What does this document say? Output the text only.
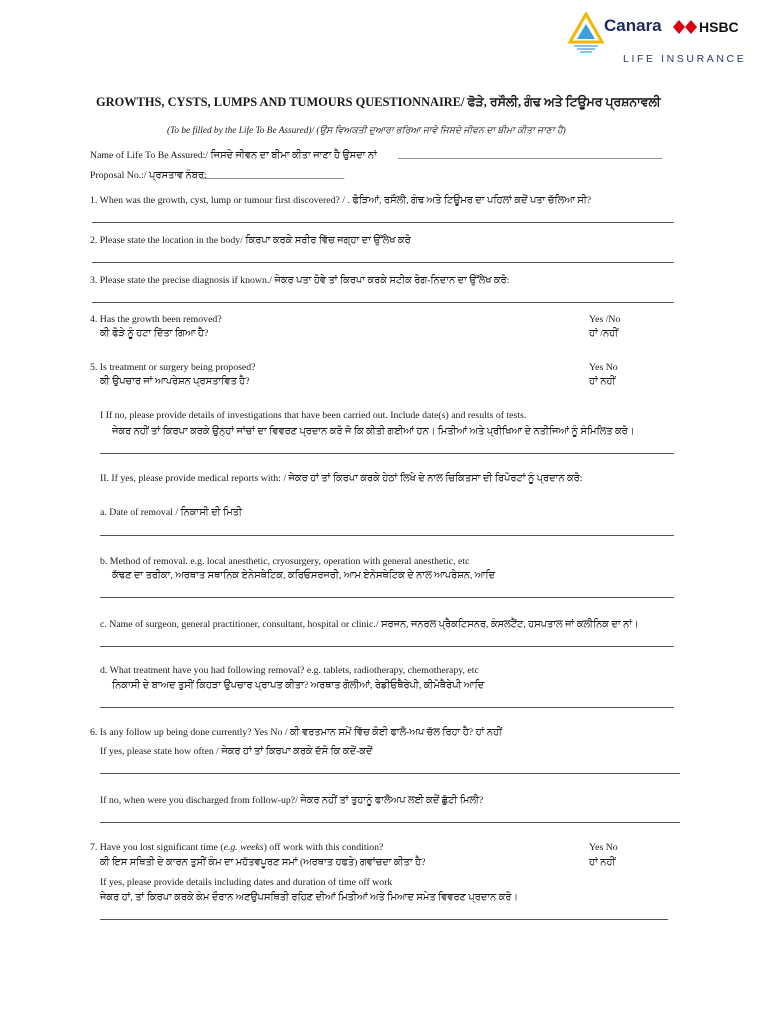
Canara	HSBC
LIFE INSURANCE
GROWTHS, CYSTS, LUMPS AND TUMOURS QUESTIONNAIRE/ ਫੋੜੇ, ਰਸੌਲੀ, ਗੰਢ ਅਤੇ ਟਿਊਮਰ ਪ੍ਰਸ਼ਨਾਵਲੀ
(To be filled by the Life To Be Assured)/ (ਉਸ ਵਿਅਕਤੀ ਦੁਆਰਾ ਭਰਿਆ ਜਾਵੇ ਜਿਸਦੇ ਜੀਵਨ ਦਾ ਬੀਮਾ ਕੀਤਾ ਜਾਣਾ ਹੈ)
Name of Life To Be Assured:/ ਜਿਸਦੇ ਜੀਵਨ ਦਾ ਬੀਮਾ ਕੀਤਾ ਜਾਣਾ ਹੈ ਉਸਦਾ ਨਾਂ ____________________________________________________________
Proposal No.:/ ਪ੍ਰਸਤਾਵ ਨੰਬਰ:
________________________________
1. When was the growth, cyst, lump or tumour first discovered? / . ਫੋੜਿਆਂ, ਰਸੌਲੀ, ਗੰਢ ਅਤੇ ਟਿਊਮਰ ਦਾ ਪਹਿਲਾਂ ਕਦੋਂ ਪਤਾ ਚੱਲਿਆ ਸੀ?
2. Please state the location in the body/ ਕਿਰਪਾ ਕਰਕੇ ਸਰੀਰ ਵਿੱਚ ਜਗ੍ਹਾ ਦਾ ਉੱਲੇਖ ਕਰੋ
3. Please state the precise diagnosis if known./ ਜੇਕਰ ਪਤਾ ਹੋਵੇ ਤਾਂ ਕਿਰਪਾ ਕਰਕੇ ਸਟੀਕ ਰੋਗ-ਨਿਦਾਨ ਦਾ ਉੱਲੇਖ ਕਰੋ:
4. Has the growth been removed?
ਕੀ ਫੋੜੇ ਨੂੰ ਹਟਾ ਦਿੱਤਾ ਗਿਆ ਹੈ?
Yes /No
ਹਾਂ /ਨਹੀਂ
5. Is treatment or surgery being proposed?
ਕੀ ਉਪਚਾਰ ਜਾਂ ਆਪਰੇਸ਼ਨ ਪ੍ਰਸਤਾਵਿਤ ਹੈ?
Yes No
ਹਾਂ ਨਹੀਂ
I If no, please provide details of investigations that have been carried out. Include date(s) and results of tests.
ਜੇਕਰ ਨਹੀਂ ਤਾਂ ਕਿਰਪਾ ਕਰਕੇ ਉਨ੍ਹਾਂ ਜਾਂਚਾਂ ਦਾ ਵਿਵਰਣ ਪ੍ਰਦਾਨ ਕਰੋ ਜੋ ਕਿ ਕੀਤੀ ਗਈਆਂ ਹਨ। ਮਿਤੀਆਂ ਅਤੇ ਪ੍ਰੀਖਿਆ ਦੇ ਨਤੀਜਿਆਂ ਨੂੰ ਸੰਮਿਲਿਤ ਕਰੋ।
II. If yes, please provide medical reports with: / ਜੇਕਰ ਹਾਂ ਤਾਂ ਕਿਰਪਾ ਕਰਕੇ ਹੇਠਾਂ ਲਿਖੇ ਦੇ ਨਾਲ ਚਿਕਿਤਸਾ ਦੀ ਰਿਪੋਰਟਾਂ ਨੂੰ ਪ੍ਰਦਾਨ ਕਰੋ:
a. Date of removal / ਨਿਕਾਸੀ ਦੀ ਮਿਤੀ
b. Method of removal. e.g. local anesthetic, cryosurgery, operation with general anesthetic, etc
ਕੱਢਣ ਦਾ ਤਰੀਕਾ, ਅਰਥਾਤ ਸਥਾਨਿਕ ਏਨੇਸਥੇਟਿਕ, ਕਰਿਓਸਰਜਰੀ, ਆਮ ਏਨੇਸਥੇਟਿਕ ਦੇ ਨਾਲ ਆਪਰੇਸ਼ਨ, ਆਦਿ
c. Name of surgeon, general practitioner, consultant, hospital or clinic./ ਸਰਜਨ, ਜਨਰਲ ਪ੍ਰੈਕਟਿਸਨਰ, ਕੰਸਲਟੈਂਟ, ਹਸਪਤਾਲ ਜਾਂ ਕਲੀਨਿਕ ਦਾ ਨਾਂ।
d. What treatment have you had following removal? e.g. tablets, radiotherapy, chemotherapy, etc
ਨਿਕਾਸੀ ਦੇ ਬਾਅਦ ਤੁਸੀਂ ਕਿਹੜਾ ਉਪਚਾਰ ਪ੍ਰਾਪਤ ਕੀਤਾ? ਅਰਥਾਤ ਗੋਲੀਆਂ, ਰੇਡੀਓਥੈਰੇਪੀ, ਕੀਮੋਥੈਰੇਪੀ ਆਦਿ
6. Is any follow up being done currently? Yes No / ਕੀ ਵਰਤਮਾਨ ਸਮੇਂ ਵਿੱਚ ਕੋਈ ਫਾਲੋ-ਅਪ ਚੱਲ ਰਿਹਾ ਹੈ? ਹਾਂ ਨਹੀਂ
If yes, please state how often / ਜੇਕਰ ਹਾਂ ਤਾਂ ਕਿਰਪਾ ਕਰਕੇ ਦੱਸੋ ਕਿ ਕਦੋਂ-ਕਦੋਂ
If no, when were you discharged from follow-up?/ ਜੇਕਰ ਨਹੀਂ ਤਾਂ ਤੁਹਾਨੂੰ ਫਾਲੋਅਪ ਲਈ ਕਦੋਂ ਛੁੱਟੀ ਮਿਲੀ?
7. Have you lost significant time (e.g. weeks) off work with this condition?
ਕੀ ਇਸ ਸਥਿਤੀ ਦੇ ਕਾਰਨ ਤੁਸੀਂ ਕੰਮ ਦਾ ਮਹੱਤਵਪੂਰਣ ਸਮਾਂ (ਅਰਥਾਤ ਹਫਤੇ) ਗਵਾਂਚਦਾ ਕੀਤਾ ਹੈ?
Yes No
ਹਾਂ ਨਹੀਂ
If yes, please provide details including dates and duration of time off work
ਜੇਕਰ ਹਾਂ, ਤਾਂ ਕਿਰਪਾ ਕਰਕੇ ਕੰਮ ਦੌਰਾਨ ਅਣਉਪਸਥਿਤੀ ਰਹਿਣ ਦੀਆਂ ਮਿਤੀਆਂ ਅਤੇ ਮਿਆਦ ਸਮੇਤ ਵਿਵਰਣ ਪ੍ਰਦਾਨ ਕਰੋ।
